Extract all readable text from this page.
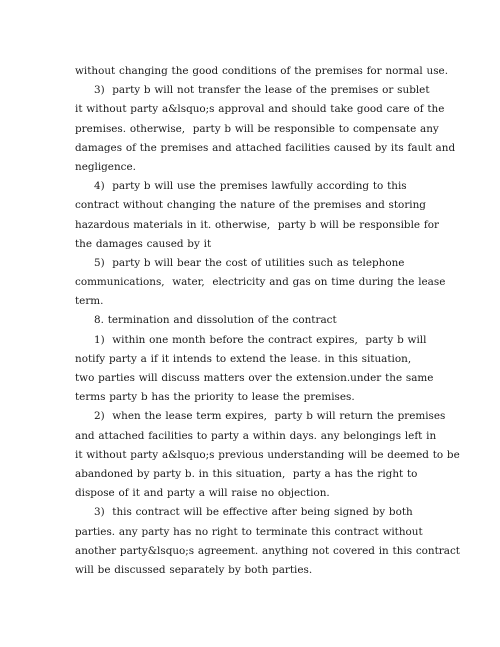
without changing the good conditions of the premises for normal use.
3)  party b will not transfer the lease of the premises or sublet
it without party a&lsquo;s approval and should take good care of the
premises. otherwise,  party b will be responsible to compensate any
damages of the premises and attached facilities caused by its fault and
negligence.
4)  party b will use the premises lawfully according to this
contract without changing the nature of the premises and storing
hazardous materials in it. otherwise,  party b will be responsible for
the damages caused by it
5)  party b will bear the cost of utilities such as telephone
communications,  water,  electricity and gas on time during the lease
term.
8. termination and dissolution of the contract
1)  within one month before the contract expires,  party b will
notify party a if it intends to extend the lease. in this situation,
two parties will discuss matters over the extension.under the same
terms party b has the priority to lease the premises.
2)  when the lease term expires,  party b will return the premises
and attached facilities to party a within days. any belongings left in
it without party a&lsquo;s previous understanding will be deemed to be
abandoned by party b. in this situation,  party a has the right to
dispose of it and party a will raise no objection.
3)  this contract will be effective after being signed by both
parties. any party has no right to terminate this contract without
another party&lsquo;s agreement. anything not covered in this contract
will be discussed separately by both parties.
